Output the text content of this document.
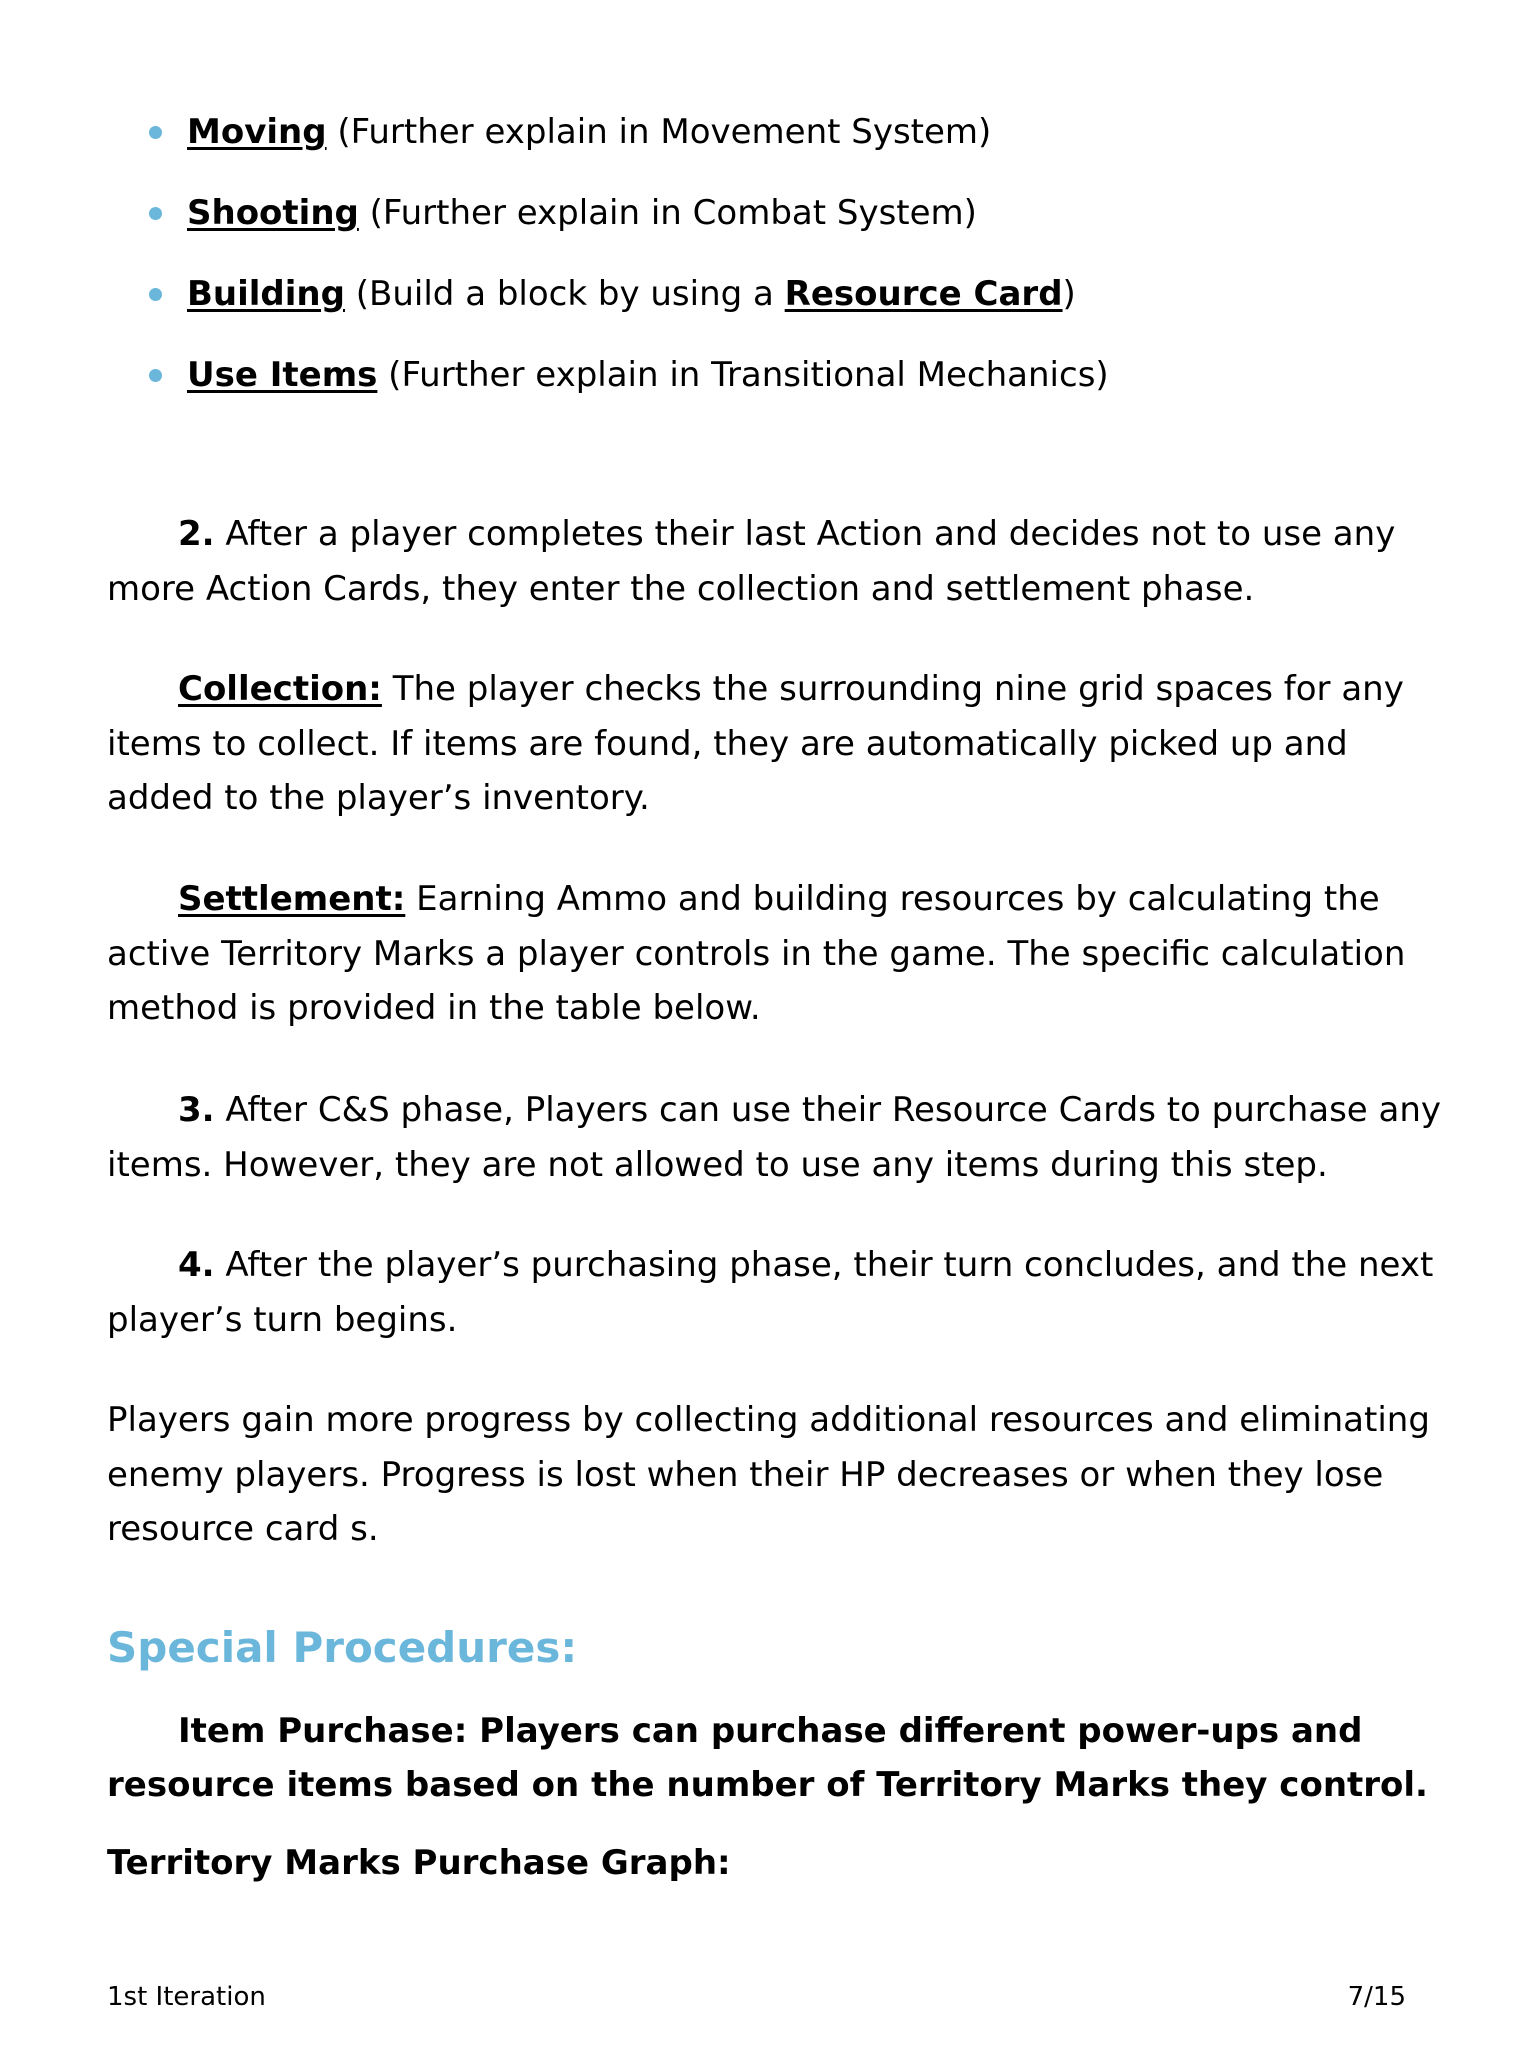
Moving (Further explain in Movement System)
Shooting (Further explain in Combat System)
Building (Build a block by using a Resource Card)
Use Items (Further explain in Transitional Mechanics)

2. After a player completes their last Action and decides not to use any more Action Cards, they enter the collection and settlement phase.

Collection: The player checks the surrounding nine grid spaces for any items to collect. If items are found, they are automatically picked up and added to the player’s inventory.

Settlement: Earning Ammo and building resources by calculating the active Territory Marks a player controls in the game. The specific calculation method is provided in the table below.

3. After C&S phase, Players can use their Resource Cards to purchase any items. However, they are not allowed to use any items during this step.

4. After the player’s purchasing phase, their turn concludes, and the next player’s turn begins.

Players gain more progress by collecting additional resources and eliminating enemy players. Progress is lost when their HP decreases or when they lose resource card s.

Special Procedures:

Item Purchase: Players can purchase different power-ups and resource items based on the number of Territory Marks they control.

Territory Marks Purchase Graph:

1st Iteration	7/15
